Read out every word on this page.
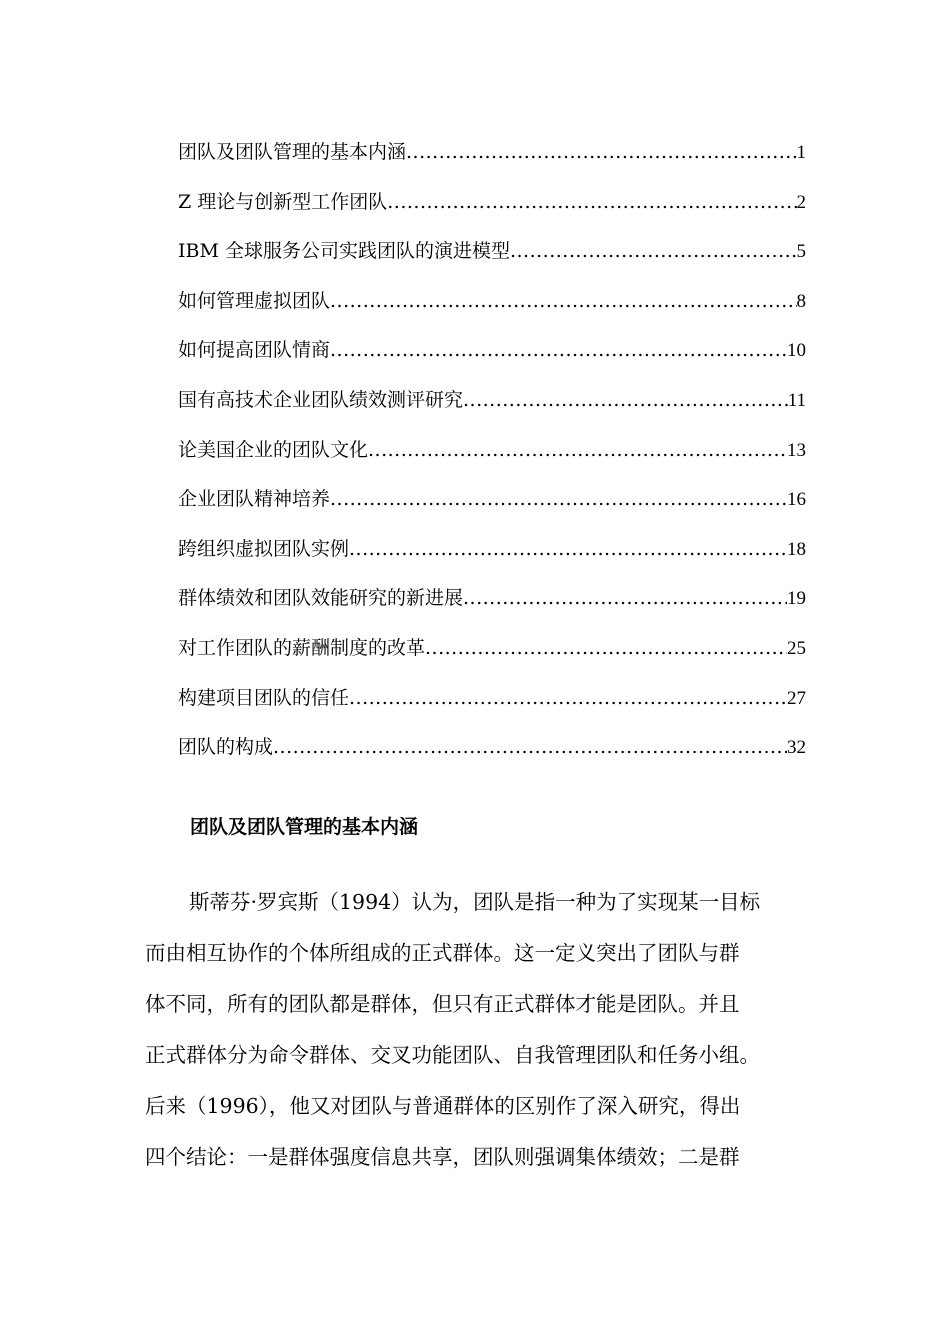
团队及团队管理的基本内涵 .....	1
Z 理论与创新型工作团队 .....	2
IBM 全球服务公司实践团队的演进模型 .....	5
如何管理虚拟团队 .....	8
如何提高团队情商 .....	10
国有高技术企业团队绩效测评研究 .....	11
论美国企业的团队文化 .....	13
企业团队精神培养 .....	16
跨组织虚拟团队实例 .....	18
群体绩效和团队效能研究的新进展 .....	19
对工作团队的薪酬制度的改革 .....	25
构建项目团队的信任 .....	27
团队的构成 .....	32
团队及团队管理的基本内涵
斯蒂芬·罗宾斯（1994）认为，团队是指一种为了实现某一目标
而由相互协作的个体所组成的正式群体。这一定义突出了团队与群
体不同，所有的团队都是群体，但只有正式群体才能是团队。并且
正式群体分为命令群体、交叉功能团队、自我管理团队和任务小组。
后来（1996），他又对团队与普通群体的区别作了深入研究，得出
四个结论：一是群体强度信息共享，团队则强调集体绩效；二是群
